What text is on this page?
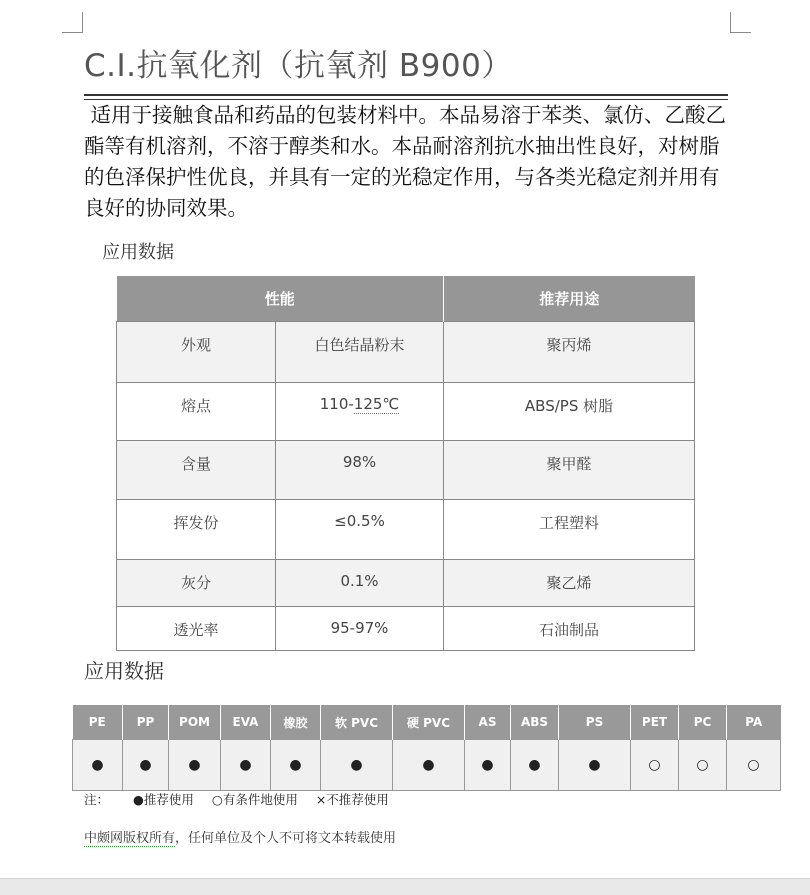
C.I.抗氧化剂（抗氧剂 B900）
适用于接触食品和药品的包装材料中。本品易溶于苯类、氯仿、乙酸乙酯等有机溶剂，不溶于醇类和水。本品耐溶剂抗水抽出性良好，对树脂的色泽保护性优良，并具有一定的光稳定作用，与各类光稳定剂并用有良好的协同效果。
应用数据
性能		推荐用途
外观	白色结晶粉末	聚丙烯
熔点	110-125℃	ABS/PS 树脂
含量	98%	聚甲醛
挥发份	≤0.5%	工程塑料
灰分	0.1%	聚乙烯
透光率	95-97%	石油制品
应用数据
PE	PP	POM	EVA	橡胶	软 PVC	硬 PVC	AS	ABS	PS	PET	PC	PA
●	●	●	●	●	●	●	●	●	●	○	○	○
注： ●推荐使用 ○有条件地使用 ×不推荐使用
中颇网版权所有，任何单位及个人不可将文本转载使用
